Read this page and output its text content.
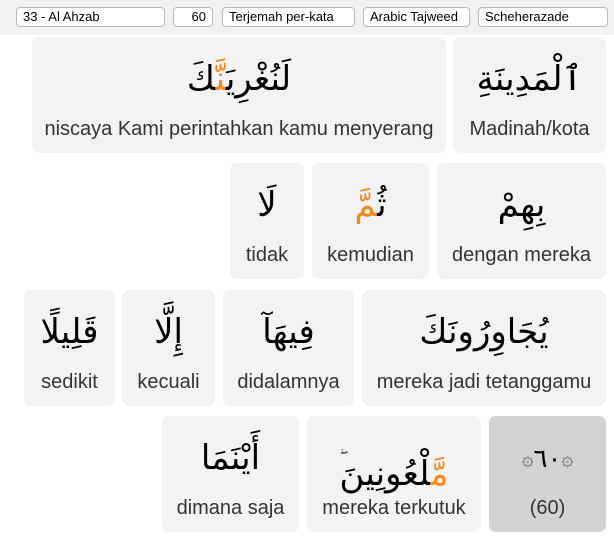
33 - Al Ahzab	60	Terjemah per-kata	Arabic Tajweed	Scheherazade
ٱلْمَدِينَةِ
Madinah/kota
لَنُغْرِيَنَّكَ
niscaya Kami perintahkan kamu menyerang
بِهِمْ
dengan mereka
ثُمَّ
kemudian
لَا
tidak
يُجَاوِرُونَكَ
mereka jadi tetanggamu
فِيهَآ
didalamnya
إِلَّا
kecuali
قَلِيلًا
sedikit
۞٦٠۞
(60)
مَّلْعُونِينَ
mereka terkutuk
أَيْنَمَا
dimana saja
